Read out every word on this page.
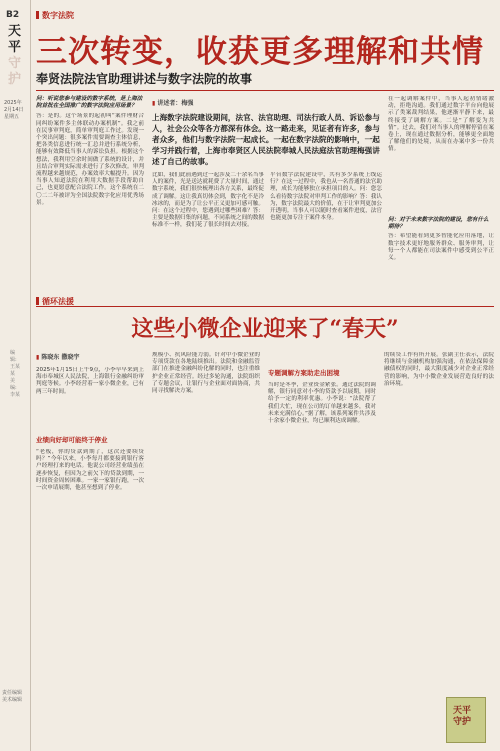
B2
天平
守护
2025年
2月14日
星期五
编辑:王某某 美编:李某
责任编辑
美术编辑
数字法院
三次转变，收获更多理解和共情
奉贤法院法官助理讲述与数字法院的故事
问：听说您参与建设的数字系统，是上海法院首批在全国推广的数字法院应用场景？
答：是的。这个场景的起初叫“案件理财合同纠纷案件多主体联动办案机制”。我之前在民事审判庭，简单审判庭工作过。发现一个突出问题：很多案件需要调查主体信息，把各类信息进行统一汇总并进行系统分析，能够有效降低当事人的诉讼负担。根据这个想法，我利用空余时间做了系统的设计，并且结合审判实际需求进行了多次修改。审判流程越来越规范，办案效率大幅提升。因为当事人知道法院在利用大数据手段帮助自己，也更愿意配合法院工作。这个系统在二〇二二年被评为全国法院数字化应用优秀场景。
▮ 讲述者：梅强
上海数字法院建设期间，法官、法官助理、司法行政人员、诉讼参与人，社会公众等各方都深有体会。这一路走来，见证者有许多，参与者众多，他们与数字法院一起成长。一起在数字法院的影响中，一起学习并践行着，上海市奉贤区人民法院奉城人民法庭法官助理梅强讲述了自己的故事。
比如，我们此前遇到过一起涉及二十余名当事人的案件，光是送达就耗费了大量时间，通过数字系统，我们很快梳理出各方关系，最终促成了调解。这让我真切体会到，数字化不是冷冰冰的，而是为了让公平正义更加可感可触。问：在这个过程中，您遇到过哪些困难？答：主要是数据归集的问题，不同系统之间的数据标准不一样，我们花了很长时间去对接。
平台数字法院建设中，共有多少系统上线运行？在这一过程中，我也从一名普通的法官助理，成长为能够独立承担项目的人。问：您怎么看待数字法院对审判工作的影响？答：我认为，数字法院最大的价值，在于让审判更加公开透明。当事人可以随时查看案件进度，法官也能更加专注于案件本身。
在一起调解案件中，当事人起初情绪激动，拒绝沟通。我们通过数字平台向他展示了类案裁判结果，他逐渐平静下来，最终接受了调解方案。二是“了解变为共情”。过去，我们对当事人的理解停留在案卷上，现在通过数据分析，能够更全面地了解他们的处境，从而在办案中多一份共情。
问：对于未来数字法院的建设，您有什么期待？
答：希望能看到更多智能化应用落地，让数字技术更好地服务群众、服务审判，让每一个人都能在司法案件中感受到公平正义。
循环法援
这些小微企业迎来了“春天”
▮ 陈晓东 撒晓宇
2025年1月15日上午9点，小李早早来到上海市奉城区人民法院，上海银行金融纠纷审判庭等候。小李经营着一家小微企业，已有两三年时间。
业绩向好却可能终于停业
“老板，你的贷款到期了，这次还要续贷吗？”今年以来，小李每月都要接到银行客户经理打来的电话。他说公司经营业绩虽在逐步恢复，但因为之前欠下的贷款到期，一时间资金周转困难。一家一家银行跑，一次一次申请展期，他甚至想到了停业。
规模小、抗风险能力弱。针对中小微企业的专项贷款在各地陆续推出。法院和金融监管部门在推进金融纠纷化解的同时，也注重维护企业正常经营。经过多轮沟通，法院组织了专题会议，让银行与企业面对面协商，共同寻找解决方案。
专题调解方案助走出困境
当时是冬季，企业资金紧张。通过法院的调解，银行同意对小李的贷款予以展期，同时给予一定的利率优惠。小李说：“法院帮了我们大忙，现在公司的订单越来越多，我对未来充满信心。”据了解，该系列案件共涉及十余家小微企业，均已顺利达成调解。
的续贷工作有所开展。张副主任表示，法院将继续与金融机构加强沟通，在依法保障金融债权的同时，最大限度减少对企业正常经营的影响，为中小微企业发展营造良好的法治环境。
天平守护
